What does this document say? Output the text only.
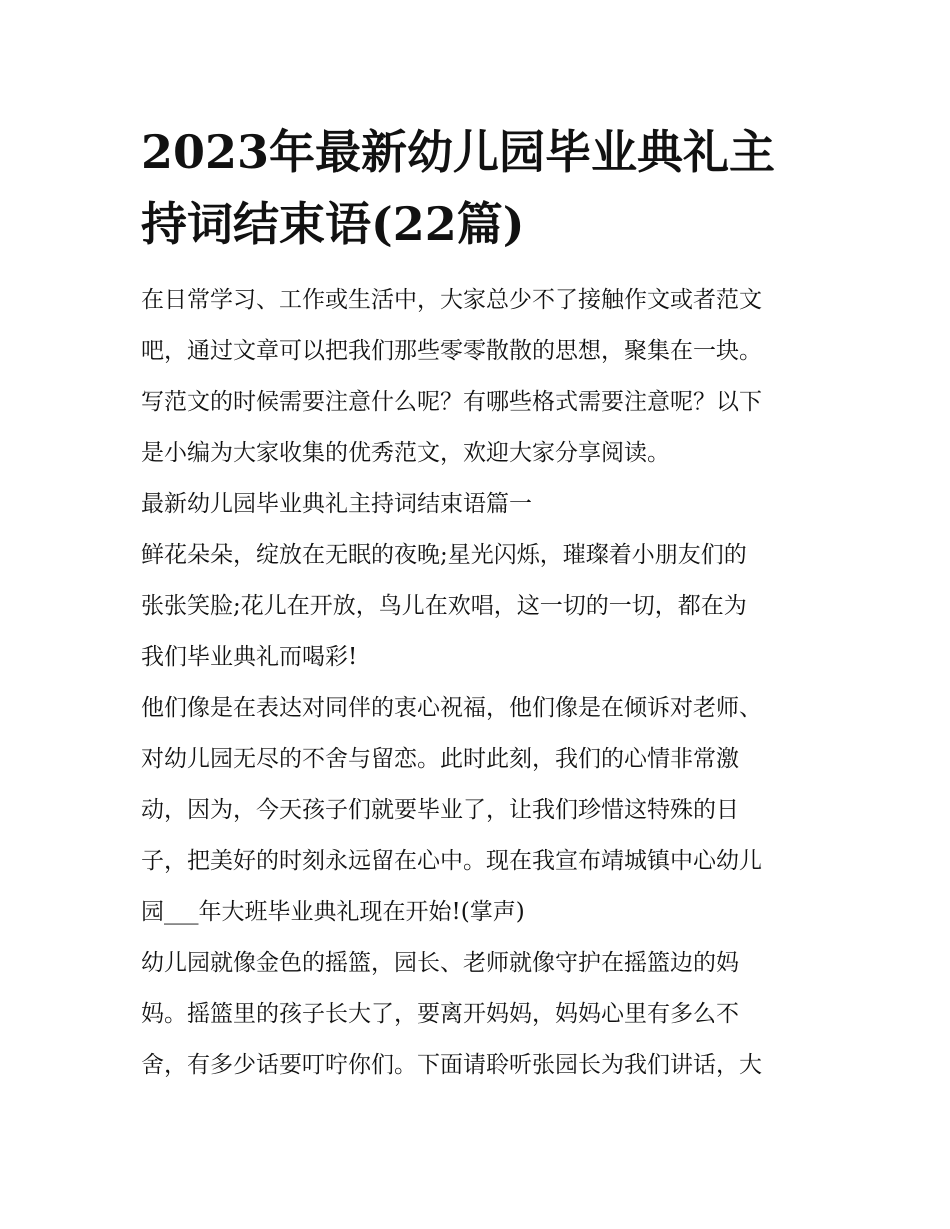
2023年最新幼儿园毕业典礼主
持词结束语(22篇)
在日常学习、工作或生活中，大家总少不了接触作文或者范文
吧，通过文章可以把我们那些零零散散的思想，聚集在一块。
写范文的时候需要注意什么呢？有哪些格式需要注意呢？以下
是小编为大家收集的优秀范文，欢迎大家分享阅读。
最新幼儿园毕业典礼主持词结束语篇一
鲜花朵朵，绽放在无眠的夜晚;星光闪烁，璀璨着小朋友们的
张张笑脸;花儿在开放，鸟儿在欢唱，这一切的一切，都在为
我们毕业典礼而喝彩!
他们像是在表达对同伴的衷心祝福，他们像是在倾诉对老师、
对幼儿园无尽的不舍与留恋。此时此刻，我们的心情非常激
动，因为，今天孩子们就要毕业了，让我们珍惜这特殊的日
子，把美好的时刻永远留在心中。现在我宣布靖城镇中心幼儿
园___年大班毕业典礼现在开始!(掌声)
幼儿园就像金色的摇篮，园长、老师就像守护在摇篮边的妈
妈。摇篮里的孩子长大了，要离开妈妈，妈妈心里有多么不
舍，有多少话要叮咛你们。下面请聆听张园长为我们讲话，大
